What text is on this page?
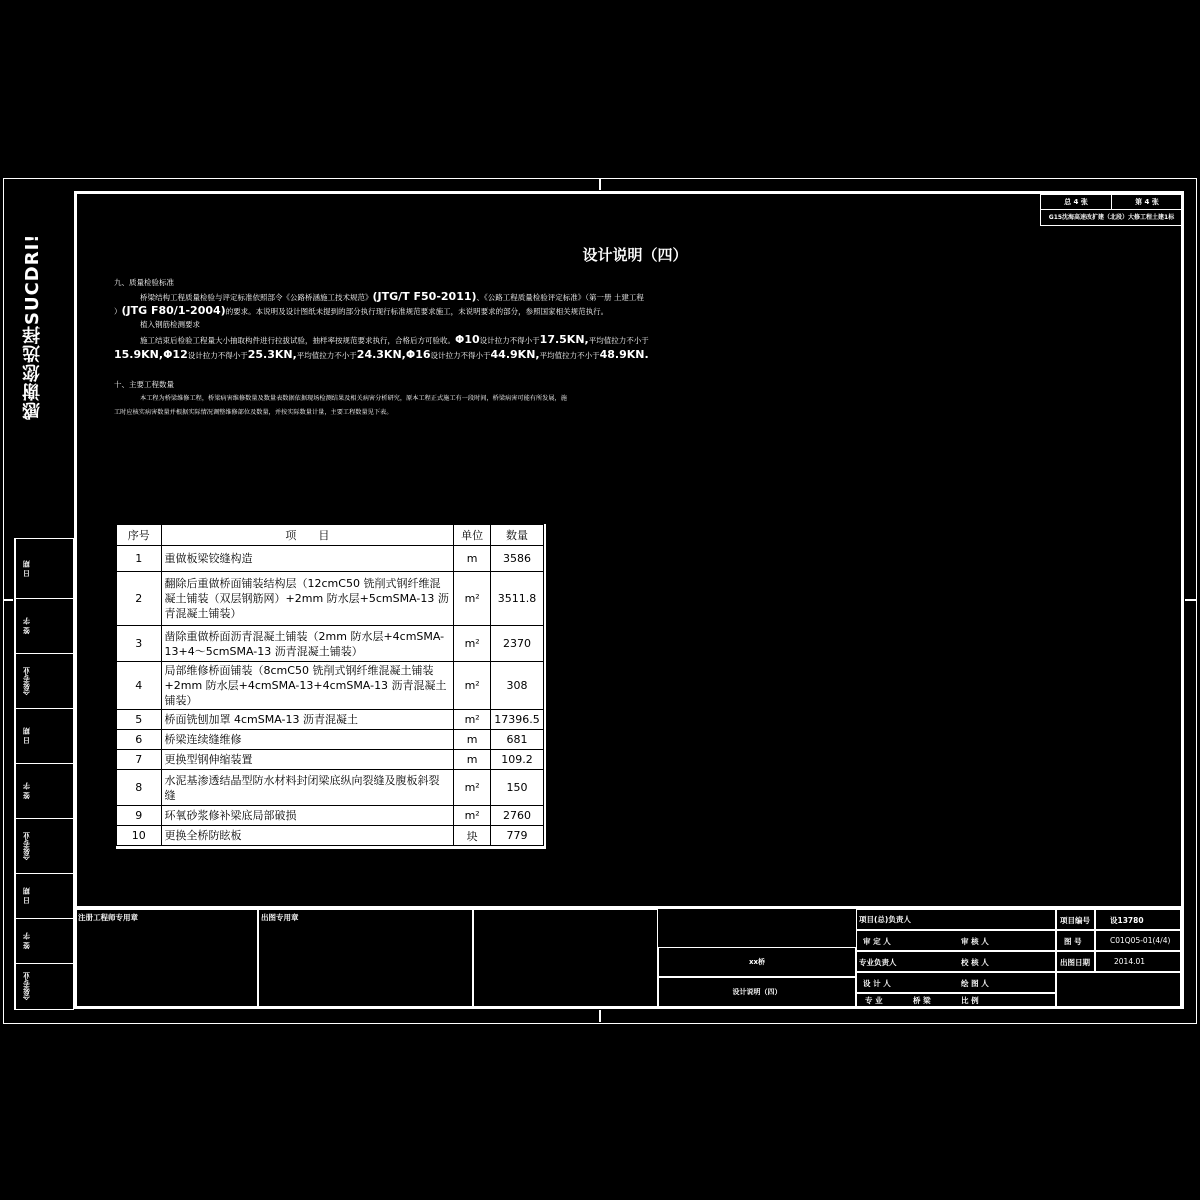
感谢您选择SUCDRI!
日 期
签 字
会签专业
日 期
签 字
会签专业
日 期
签 字
会签专业
总 4 张	第 4 张
G15沈海高速改扩建（北段）大修工程土建1标
设计说明（四）
九、质量检验标准
桥梁结构工程质量检验与评定标准依照部令《公路桥涵施工技术规范》(JTG/T F50-2011)、《公路工程质量检验评定标准》（第一册 土建工程
）(JTG F80/1-2004)的要求。本说明及设计图纸未提到的部分执行现行标准规范要求施工，未说明要求的部分，参照国家相关规范执行。
植入钢筋检测要求
施工结束后检验工程量大小抽取构件进行拉拔试验，抽样率按规范要求执行，合格后方可验收。Φ10设计拉力不得小于17.5KN,平均值拉力不小于
15.9KN,Φ12设计拉力不得小于25.3KN,平均值拉力不小于24.3KN,Φ16设计拉力不得小于44.9KN,平均值拉力不小于48.9KN.
十、主要工程数量
本工程为桥梁维修工程，桥梁病害维修数量及数量表数据依据现场检测结果及相关病害分析研究，原本工程正式施工有一段时间，桥梁病害可能有所发展，施
工时应核实病害数量并根据实际情况调整维修部位及数量，并按实际数量计量，主要工程数量见下表。
序号	项　　目	单位	数量
1	重做板梁铰缝构造	m	3586
2	翻除后重做桥面铺装结构层（12cmC50 铣削式钢纤维混凝土铺装（双层钢筋网）+2mm 防水层+5cmSMA-13 沥青混凝土铺装）	m²	3511.8
3	凿除重做桥面沥青混凝土铺装（2mm 防水层+4cmSMA-13+4～5cmSMA-13 沥青混凝土铺装）	m²	2370
4	局部维修桥面铺装（8cmC50 铣削式钢纤维混凝土铺装+2mm 防水层+4cmSMA-13+4cmSMA-13 沥青混凝土铺装）	m²	308
5	桥面铣刨加罩 4cmSMA-13 沥青混凝土	m²	17396.5
6	桥梁连续缝维修	m	681
7	更换型钢伸缩装置	m	109.2
8	水泥基渗透结晶型防水材料封闭梁底纵向裂缝及腹板斜裂缝	m²	150
9	环氧砂浆修补梁底局部破损	m²	2760
10	更换全桥防眩板	块	779
注册工程师专用章	出图专用章
xx桥
设计说明（四）
项目(总)负责人
审 定 人	审 核 人
专业负责人	校 核 人
设 计 人	绘 图 人
专 业	桥 梁	比 例
项目编号	设13780
图 号	C01Q05-01(4/4)
出图日期	2014.01
